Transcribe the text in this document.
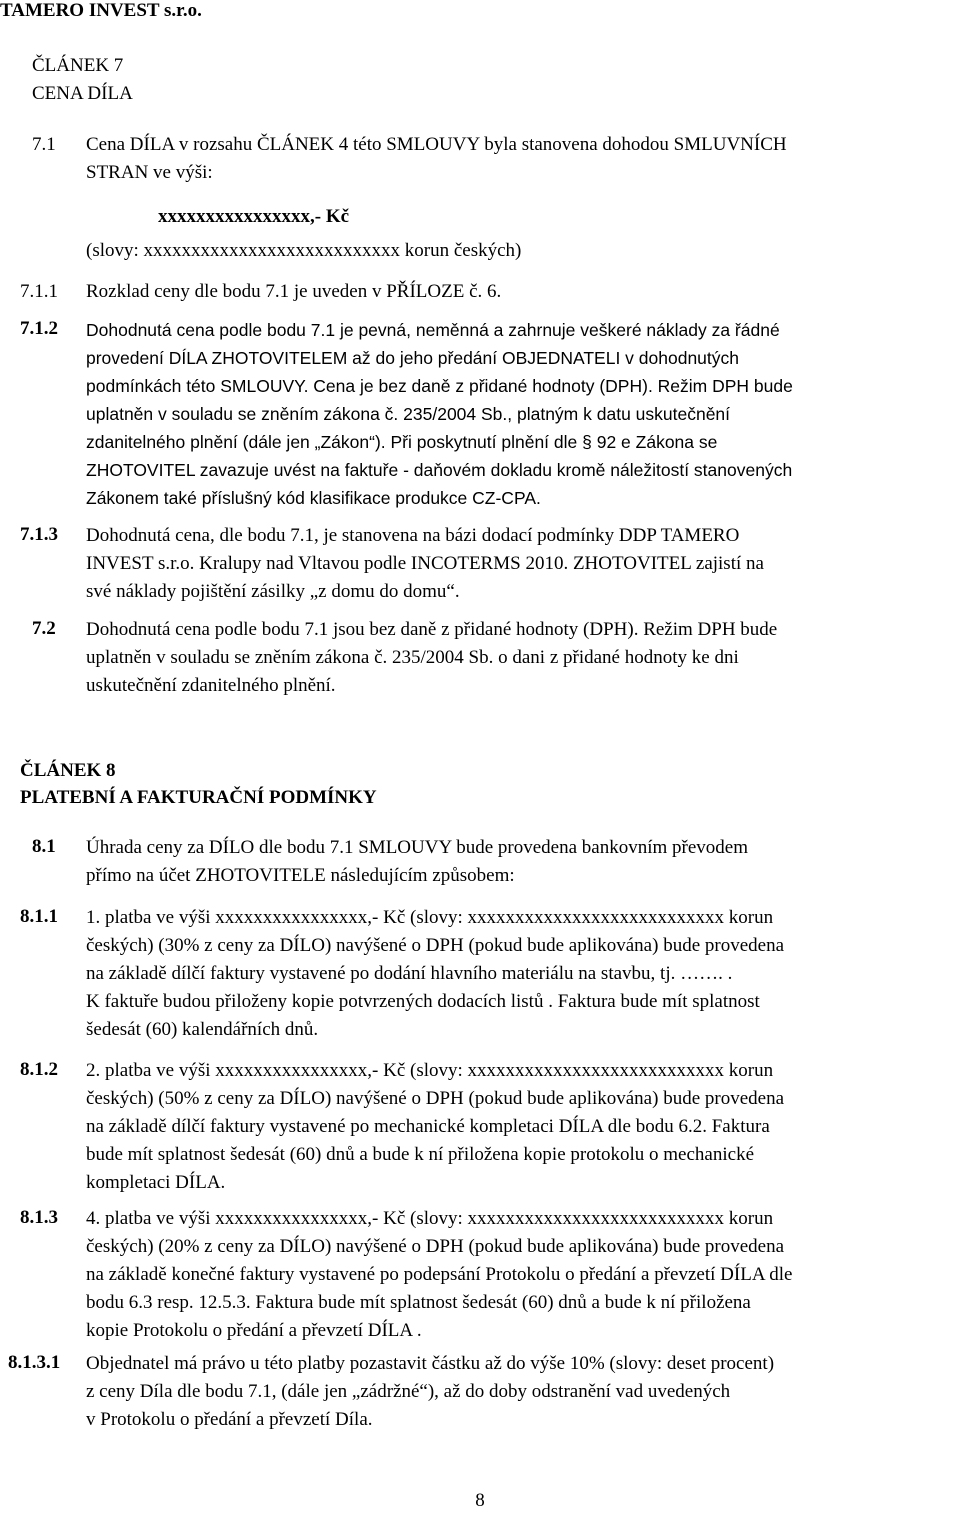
TAMERO INVEST s.r.o.
ČLÁNEK 7
CENA DÍLA
7.1 Cena DÍLA v rozsahu ČLÁNEK 4 této SMLOUVY byla stanovena dohodou SMLUVNÍCH
STRAN ve výši:
xxxxxxxxxxxxxxxx,- Kč
(slovy: xxxxxxxxxxxxxxxxxxxxxxxxxxx korun českých)
7.1.1 Rozklad ceny dle bodu 7.1 je uveden v PŘÍLOZE č. 6.
7.1.2 Dohodnutá cena podle bodu 7.1 je pevná, neměnná a zahrnuje veškeré náklady za řádné
provedení DÍLA ZHOTOVITELEM až do jeho předání OBJEDNATELI v dohodnutých
podmínkách této SMLOUVY. Cena je bez daně z přidané hodnoty (DPH). Režim DPH bude
uplatněn v souladu se zněním zákona č. 235/2004 Sb., platným k datu uskutečnění
zdanitelného plnění (dále jen „Zákon“). Při poskytnutí plnění dle § 92 e Zákona se
ZHOTOVITEL zavazuje uvést na faktuře - daňovém dokladu kromě náležitostí stanovených
Zákonem také příslušný kód klasifikace produkce CZ-CPA.
7.1.3 Dohodnutá cena, dle bodu 7.1, je stanovena na bázi dodací podmínky DDP TAMERO
INVEST s.r.o. Kralupy nad Vltavou podle INCOTERMS 2010. ZHOTOVITEL zajistí na
své náklady pojištění zásilky „z domu do domu“.
7.2 Dohodnutá cena podle bodu 7.1 jsou bez daně z přidané hodnoty (DPH). Režim DPH bude
uplatněn v souladu se zněním zákona č. 235/2004 Sb. o dani z přidané hodnoty ke dni
uskutečnění zdanitelného plnění.
ČLÁNEK 8
PLATEBNÍ A FAKTURAČNÍ PODMÍNKY
8.1 Úhrada ceny za DÍLO dle bodu 7.1 SMLOUVY bude provedena bankovním převodem
přímo na účet ZHOTOVITELE následujícím způsobem:
8.1.1 1. platba ve výši xxxxxxxxxxxxxxxx,- Kč (slovy: xxxxxxxxxxxxxxxxxxxxxxxxxxx korun
českých) (30% z ceny za DÍLO) navýšené o DPH (pokud bude aplikována) bude provedena
na základě dílčí faktury vystavené po dodání hlavního materiálu na stavbu, tj. ……. .
K faktuře budou přiloženy kopie potvrzených dodacích listů . Faktura bude mít splatnost
šedesát (60) kalendářních dnů.
8.1.2 2. platba ve výši xxxxxxxxxxxxxxxx,- Kč (slovy: xxxxxxxxxxxxxxxxxxxxxxxxxxx korun
českých) (50% z ceny za DÍLO) navýšené o DPH (pokud bude aplikována) bude provedena
na základě dílčí faktury vystavené po mechanické kompletaci DÍLA dle bodu 6.2. Faktura
bude mít splatnost šedesát (60) dnů a bude k ní přiložena kopie protokolu o mechanické
kompletaci DÍLA.
8.1.3 4. platba ve výši xxxxxxxxxxxxxxxx,- Kč (slovy: xxxxxxxxxxxxxxxxxxxxxxxxxxx korun
českých) (20% z ceny za DÍLO) navýšené o DPH (pokud bude aplikována) bude provedena
na základě konečné faktury vystavené po podepsání Protokolu o předání a převzetí DÍLA dle
bodu 6.3 resp. 12.5.3. Faktura bude mít splatnost šedesát (60) dnů a bude k ní přiložena
kopie Protokolu o předání a převzetí DÍLA .
8.1.3.1 Objednatel má právo u této platby pozastavit částku až do výše 10% (slovy: deset procent)
z ceny Díla dle bodu 7.1, (dále jen „zádržné“), až do doby odstranění vad uvedených
v Protokolu o předání a převzetí Díla.
8
